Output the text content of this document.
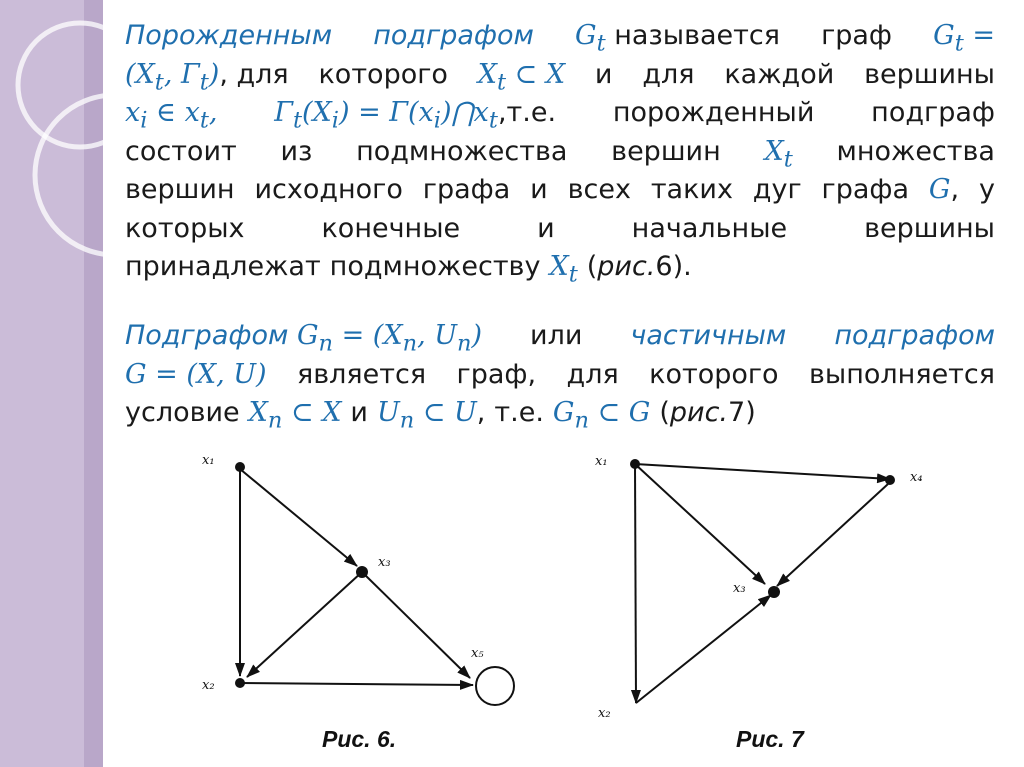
Порожденным подграфом $G_t$ называется граф $G_t$ =
($X_t$, $\Gamma_t$), для которого $X_t$ ⊂ X и для каждой вершины
$x_i$ ∈ $x_t$, $\Gamma_t(X_i)$ = $\Gamma(x_i)⋂x_t,т.е$. порожденный подграф
состоит из подмножества вершин $X_t$ множества
вершин исходного графа и всех таких дуг графа G, у
которых	конечные	и	начальные	вершины
принадлежат подмножеству $X_t$ (рис.6).
Подграфом $G_n = (X_n$, $U_n$) или частичным подграфом
G = (X, U) является граф, для которого выполняется
условие $X_n$ ⊂ X и $U_n$ ⊂ U, т.е. $G_n$ ⊂ G (рис.7)
x₁
x₃
x₂
x₅
x₁
x₄
x₃
x₂
Рис. 6.	Рис. 7
